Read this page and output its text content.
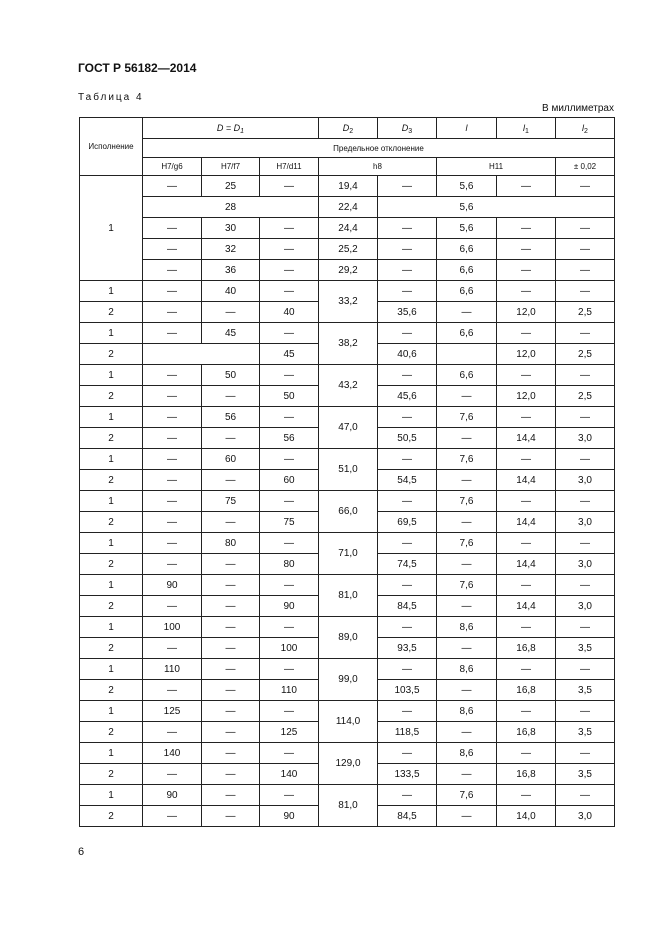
ГОСТ Р 56182—2014
Таблица 4
В миллиметрах
Исполнение	$D = D_1$			$D_2$	$D_3$	l	$l_1$	$l_2$
	Предельное отклонение							
	H7/g6	H7/f7	H7/d11	h8		H11		± 0,02
1	—	25	—	19,4	—	5,6	—	—
		28		22,4		5,6		
	—	30	—	24,4	—	5,6	—	—
	—	32	—	25,2	—	6,6	—	—
	—	36	—	29,2	—	6,6	—	—
1	—	40	—	33,2	—	6,6	—	—
2	—	—	40		35,6	—	12,0	2,5
1	—	45	—	38,2	—	6,6	—	—
2			45		40,6		12,0	2,5
1	—	50	—	43,2	—	6,6	—	—
2	—	—	50		45,6	—	12,0	2,5
1	—	56	—	47,0	—	7,6	—	—
2	—	—	56		50,5	—	14,4	3,0
1	—	60	—	51,0	—	7,6	—	—
2	—	—	60		54,5	—	14,4	3,0
1	—	75	—	66,0	—	7,6	—	—
2	—	—	75		69,5	—	14,4	3,0
1	—	80	—	71,0	—	7,6	—	—
2	—	—	80		74,5	—	14,4	3,0
1	90	—	—	81,0	—	7,6	—	—
2	—	—	90		84,5	—	14,4	3,0
1	100	—	—	89,0	—	8,6	—	—
2	—	—	100		93,5	—	16,8	3,5
1	110	—	—	99,0	—	8,6	—	—
2	—	—	110		103,5	—	16,8	3,5
1	125	—	—	114,0	—	8,6	—	—
2	—	—	125		118,5	—	16,8	3,5
1	140	—	—	129,0	—	8,6	—	—
2	—	—	140		133,5	—	16,8	3,5
1	90	—	—	81,0	—	7,6	—	—
2	—	—	90		84,5	—	14,0	3,0
6
